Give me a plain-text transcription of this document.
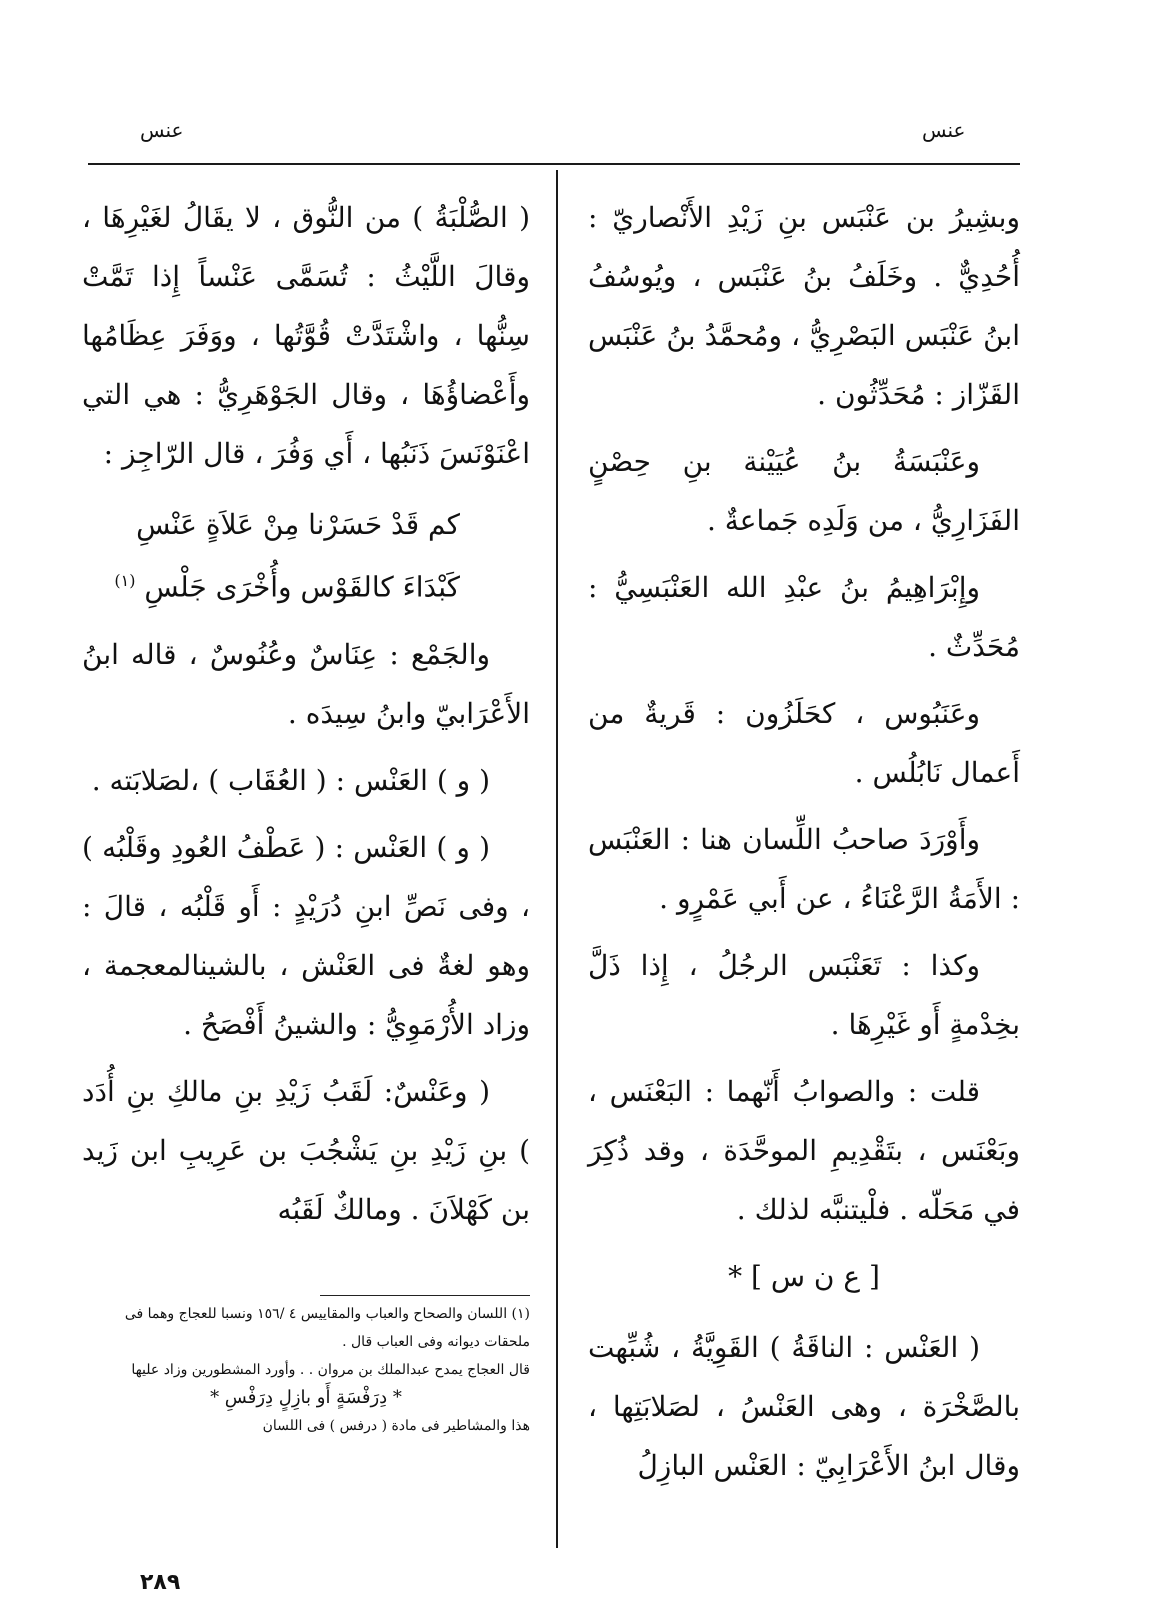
عنس	عنس

وبشِيرُ بن عَنْبَس بنِ زَيْدِ الأَنْصاريّ : أُحُدِيٌّ . وخَلَفُ بنُ عَنْبَس ، ويُوسُفُ ابنُ عَنْبَس البَصْرِيُّ ، ومُحمَّدُ بنُ عَنْبَس القَزّاز : مُحَدِّثُون .

وعَنْبَسَةُ بنُ عُيَيْنة بنِ حِصْنٍ الفَزَارِيُّ ، من وَلَدِه جَماعةٌ .

وإِبْرَاهِيمُ بنُ عبْدِ الله العَنْبَسِيُّ : مُحَدِّثٌ .

وعَنَبُوس ، كحَلَزُون : قَريةٌ من أَعمال نَابُلُس .

وأَوْرَدَ صاحبُ اللِّسان هنا : العَنْبَس : الأَمَةُ الرَّعْنَاءُ ، عن أَبي عَمْرٍو .

وكذا : تَعَنْبَس الرجُلُ ، إِذا ذَلَّ بخِدْمةٍ أَو غَيْرِهَا .

قلت : والصوابُ أَنّهما : البَعْنَس ، وبَعْنَس ، بتَقْدِيمِ الموحَّدَة ، وقد ذُكِرَ في مَحَلّه . فلْيتنبَّه لذلك .

[ ع ن س ] *

( العَنْس : الناقَةُ ) القَوِيَّةُ ، شُبِّهت بالصَّخْرَة ، وهى العَنْسُ ، لصَلابَتِها ، وقال ابنُ الأَعْرَابِيّ : العَنْس البازِلُ

( الصُّلْبَةُ ) من النُّوق ، لا يقَالُ لغَيْرِهَا ، وقالَ اللَّيْثُ : تُسَمَّى عَنْساً إِذا تَمَّتْ سِنُّها ، واشْتَدَّتْ قُوَّتُها ، ووَفَرَ عِظَامُها وأَعْضاؤُهَا ، وقال الجَوْهَرِيُّ : هي التي اعْنَوْنَسَ ذَنَبُها ، أَي وَفُرَ ، قال الرّاجِز :

كم قَدْ حَسَرْنا مِنْ عَلاَةٍ عَنْسِ
كَبْدَاءَ كالقَوْس وأُخْرَى جَلْسِ $^{(١)}$

والجَمْع : عِنَاسٌ وعُنُوسٌ ، قاله ابنُ الأَعْرَابيّ وابنُ سِيدَه .

( و ) العَنْس : ( العُقَاب ) ،لصَلابَته .

( و ) العَنْس : ( عَطْفُ العُودِ وقَلْبُه ) ، وفى نَصِّ ابنِ دُرَيْدٍ : أَو قَلْبُه ، قالَ : وهو لغةٌ فى العَنْش ، بالشينالمعجمة ، وزاد الأُرْمَوِيُّ : والشينُ أَفْصَحُ .

( وعَنْسٌ: لَقَبُ زَيْدِ بنِ مالكِ بنِ أُدَد ) بنِ زَيْدِ بنِ يَشْجُبَ بن عَرِيبِ ابن زَيد بن كَهْلاَنَ . ومالكٌ لَقَبُه

(١) اللسان والصحاح والعباب والمقاييس ٤ /١٥٦ ونسبا للعجاج وهما فى ملحقات ديوانه وفى العباب قال .
قال العجاج يمدح عبدالملك بن مروان . . وأورد المشطورين وزاد عليها
* دِرَفْسَةٍ أَو بازِلٍ دِرَفْسِ *
هذا والمشاطير فى مادة ( درفس ) فى اللسان
٢٨٩
